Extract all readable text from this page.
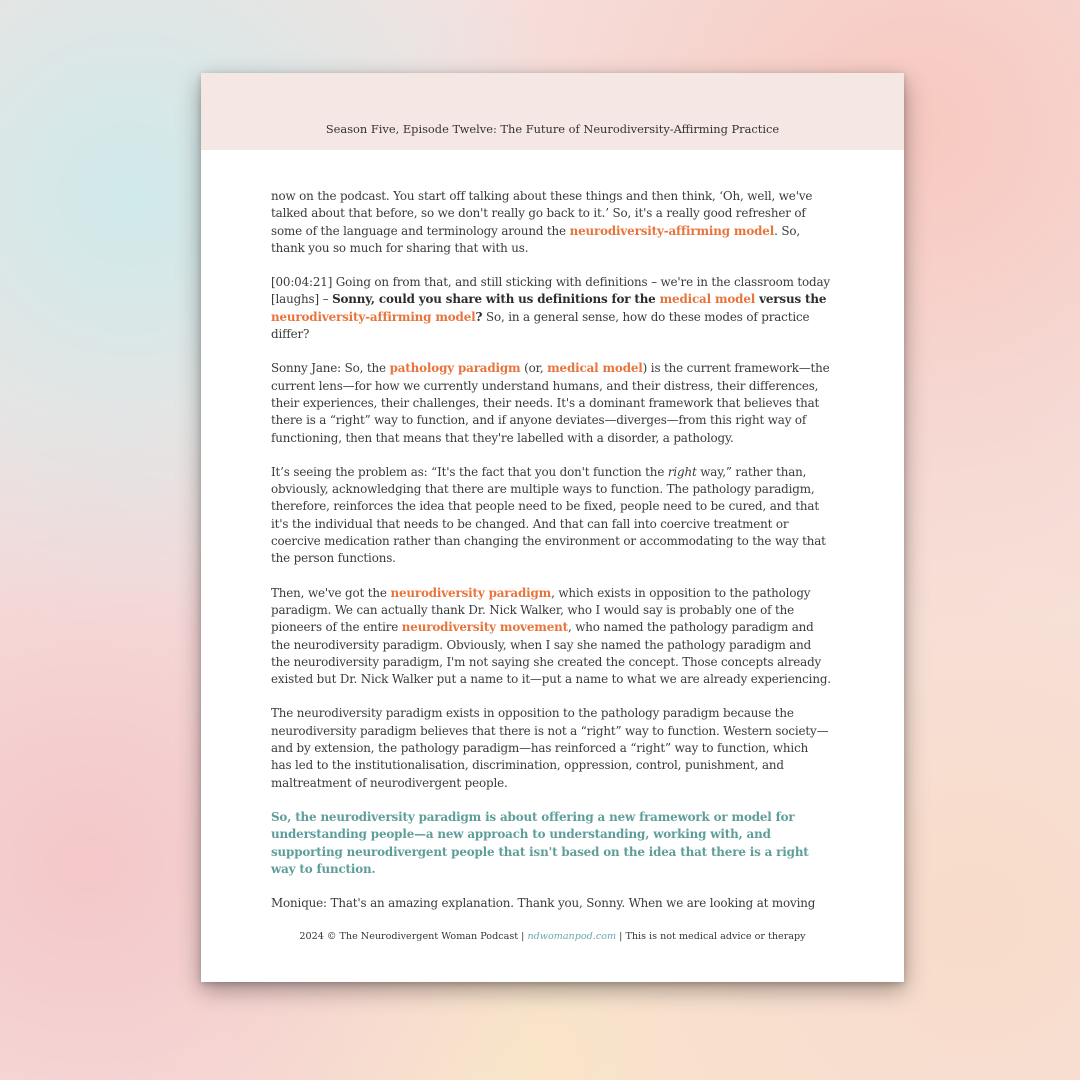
Season Five, Episode Twelve: The Future of Neurodiversity-Affirming Practice

now on the podcast. You start off talking about these things and then think, ‘Oh, well, we've talked about that before, so we don't really go back to it.’ So, it's a really good refresher of some of the language and terminology around the neurodiversity-affirming model. So, thank you so much for sharing that with us.

[00:04:21] Going on from that, and still sticking with definitions – we're in the classroom today [laughs] – Sonny, could you share with us definitions for the medical model versus the neurodiversity-affirming model? So, in a general sense, how do these modes of practice differ?

Sonny Jane: So, the pathology paradigm (or, medical model) is the current framework—the current lens—for how we currently understand humans, and their distress, their differences, their experiences, their challenges, their needs. It's a dominant framework that believes that there is a “right” way to function, and if anyone deviates—diverges—from this right way of functioning, then that means that they're labelled with a disorder, a pathology.

It’s seeing the problem as: “It's the fact that you don't function the right way,” rather than, obviously, acknowledging that there are multiple ways to function. The pathology paradigm, therefore, reinforces the idea that people need to be fixed, people need to be cured, and that it's the individual that needs to be changed. And that can fall into coercive treatment or coercive medication rather than changing the environment or accommodating to the way that the person functions.

Then, we've got the neurodiversity paradigm, which exists in opposition to the pathology paradigm. We can actually thank Dr. Nick Walker, who I would say is probably one of the pioneers of the entire neurodiversity movement, who named the pathology paradigm and the neurodiversity paradigm. Obviously, when I say she named the pathology paradigm and the neurodiversity paradigm, I'm not saying she created the concept. Those concepts already existed but Dr. Nick Walker put a name to it—put a name to what we are already experiencing.

The neurodiversity paradigm exists in opposition to the pathology paradigm because the neurodiversity paradigm believes that there is not a “right” way to function. Western society—and by extension, the pathology paradigm—has reinforced a “right” way to function, which has led to the institutionalisation, discrimination, oppression, control, punishment, and maltreatment of neurodivergent people.

So, the neurodiversity paradigm is about offering a new framework or model for understanding people—a new approach to understanding, working with, and supporting neurodivergent people that isn't based on the idea that there is a right way to function.

Monique: That's an amazing explanation. Thank you, Sonny. When we are looking at moving

2024 © The Neurodivergent Woman Podcast | ndwomanpod.com | This is not medical advice or therapy
